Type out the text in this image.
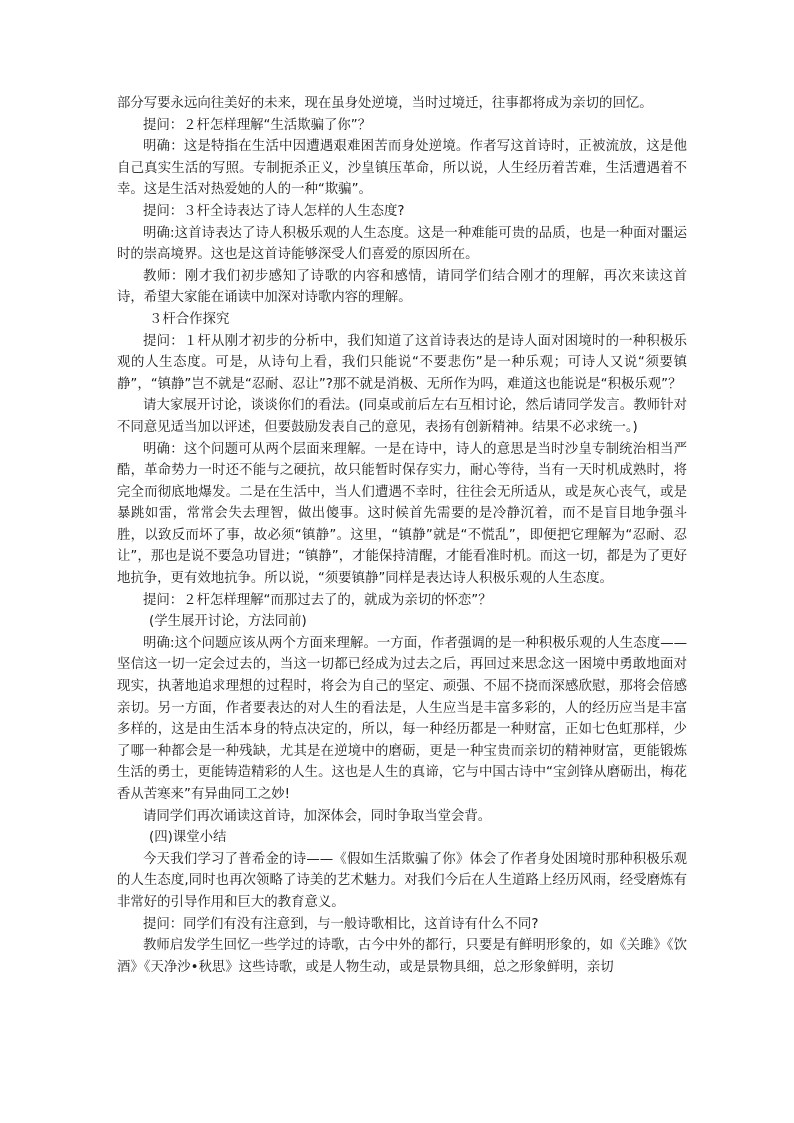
部分写要永远向往美好的未来，现在虽身处逆境，当时过境迁，往事都将成为亲切的回忆。

提问：２杆怎样理解“生活欺骗了你”？

明确：这是特指在生活中因遭遇艰难困苦而身处逆境。作者写这首诗时，正被流放，这是他自己真实生活的写照。专制扼杀正义，沙皇镇压革命，所以说，人生经历着苦难，生活遭遇着不幸。这是生活对热爱她的人的一种“欺骗”。

提问：３杆全诗表达了诗人怎样的人生态度?

明确:这首诗表达了诗人积极乐观的人生态度。这是一种难能可贵的品质，也是一种面对噩运时的崇高境界。这也是这首诗能够深受人们喜爱的原因所在。

教师：刚才我们初步感知了诗歌的内容和感情，请同学们结合刚才的理解，再次来读这首诗，希望大家能在诵读中加深对诗歌内容的理解。

３杆合作探究

提问：１杆从刚才初步的分析中，我们知道了这首诗表达的是诗人面对困境时的一种积极乐观的人生态度。可是，从诗句上看，我们只能说“不要悲伤”是一种乐观；可诗人又说“须要镇静”，“镇静”岂不就是“忍耐、忍让”?那不就是消极、无所作为吗，难道这也能说是“积极乐观”？

请大家展开讨论，谈谈你们的看法。(同桌或前后左右互相讨论，然后请同学发言。教师针对不同意见适当加以评述，但要鼓励发表自己的意见，表扬有创新精神。结果不必求统一。)

明确：这个问题可从两个层面来理解。一是在诗中，诗人的意思是当时沙皇专制统治相当严酷，革命势力一时还不能与之硬抗，故只能暂时保存实力，耐心等待，当有一天时机成熟时，将完全而彻底地爆发。二是在生活中，当人们遭遇不幸时，往往会无所适从，或是灰心丧气，或是暴跳如雷，常常会失去理智，做出傻事。这时候首先需要的是冷静沉着，而不是盲目地争强斗胜，以致反而坏了事，故必须“镇静”。这里，“镇静”就是“不慌乱”，即便把它理解为“忍耐、忍让”，那也是说不要急功冒进；“镇静”，才能保持清醒，才能看准时机。而这一切，都是为了更好地抗争，更有效地抗争。所以说，“须要镇静”同样是表达诗人积极乐观的人生态度。

提问：２杆怎样理解“而那过去了的，就成为亲切的怀恋”？

(学生展开讨论，方法同前)

明确:这个问题应该从两个方面来理解。一方面，作者强调的是一种积极乐观的人生态度——坚信这一切一定会过去的，当这一切都已经成为过去之后，再回过来思念这一困境中勇敢地面对现实，执著地追求理想的过程时，将会为自己的坚定、顽强、不屈不挠而深感欣慰，那将会倍感亲切。另一方面，作者要表达的对人生的看法是，人生应当是丰富多彩的，人的经历应当是丰富多样的，这是由生活本身的特点决定的，所以，每一种经历都是一种财富，正如七色虹那样，少了哪一种都会是一种残缺，尤其是在逆境中的磨砺，更是一种宝贵而亲切的精神财富，更能锻炼生活的勇士，更能铸造精彩的人生。这也是人生的真谛，它与中国古诗中“宝剑锋从磨砺出，梅花香从苦寒来”有异曲同工之妙!

请同学们再次诵读这首诗，加深体会，同时争取当堂会背。

(四)课堂小结

今天我们学习了普希金的诗——《假如生活欺骗了你》体会了作者身处困境时那种积极乐观的人生态度,同时也再次领略了诗美的艺术魅力。对我们今后在人生道路上经历风雨，经受磨炼有非常好的引导作用和巨大的教育意义。

提问：同学们有没有注意到，与一般诗歌相比，这首诗有什么不同?

教师启发学生回忆一些学过的诗歌，古今中外的都行，只要是有鲜明形象的，如《关雎》《饮酒》《天净沙•秋思》这些诗歌，或是人物生动，或是景物具细，总之形象鲜明，亲切
